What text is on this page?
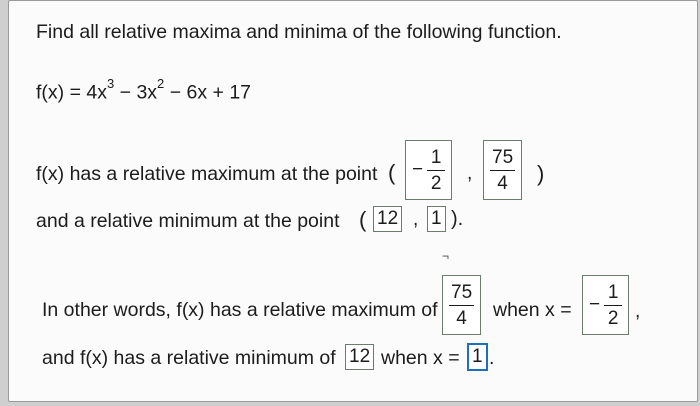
Find all relative maxima and minima of the following function.
$f(x) = 4x^3 - 3x^2 - 6x + 17$
f(x) has a relative maximum at the point ( − $\frac{1}{2}$ , $\frac{75}{4}$ )
and a relative minimum at the point ( 12 , 1 ).
¬
In other words, f(x) has a relative maximum of $\frac{75}{4}$ when x = − $\frac{1}{2}$ ,
and f(x) has a relative minimum of 12 when x = 1 .
